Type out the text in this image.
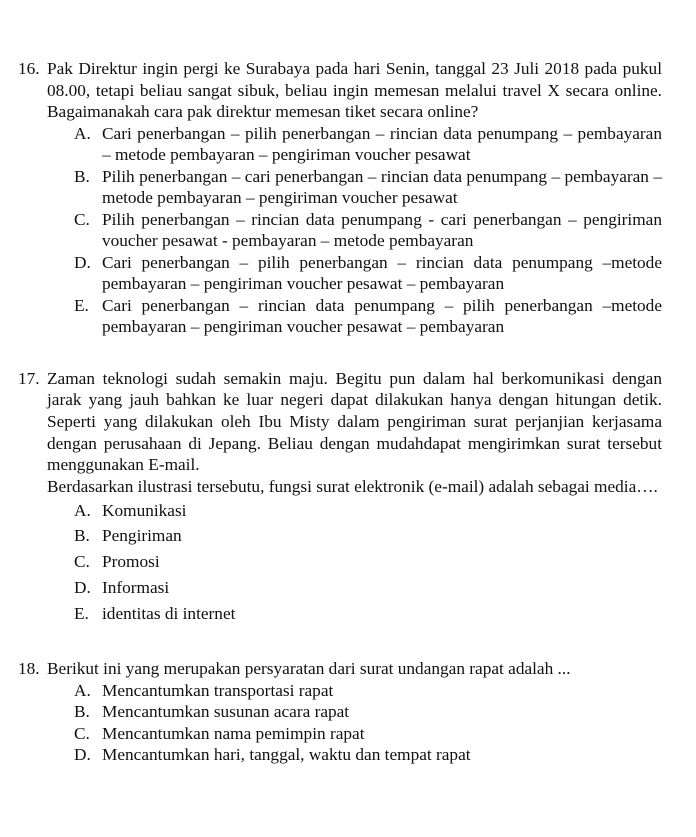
16. Pak Direktur ingin pergi ke Surabaya pada hari Senin, tanggal 23 Juli 2018 pada pukul 08.00, tetapi beliau sangat sibuk, beliau ingin memesan melalui travel X secara online. Bagaimanakah cara pak direktur memesan tiket secara online?
A. Cari penerbangan – pilih penerbangan – rincian data penumpang – pembayaran – metode pembayaran – pengiriman voucher pesawat
B. Pilih penerbangan – cari penerbangan – rincian data penumpang – pembayaran – metode pembayaran – pengiriman voucher pesawat
C. Pilih penerbangan – rincian data penumpang - cari penerbangan – pengiriman voucher pesawat - pembayaran – metode pembayaran
D. Cari penerbangan – pilih penerbangan – rincian data penumpang –metode pembayaran – pengiriman voucher pesawat – pembayaran
E. Cari penerbangan – rincian data penumpang – pilih penerbangan –metode pembayaran – pengiriman voucher pesawat – pembayaran
17. Zaman teknologi sudah semakin maju. Begitu pun dalam hal berkomunikasi dengan jarak yang jauh bahkan ke luar negeri dapat dilakukan hanya dengan hitungan detik. Seperti yang dilakukan oleh Ibu Misty dalam pengiriman surat perjanjian kerjasama dengan perusahaan di Jepang. Beliau dengan mudahdapat mengirimkan surat tersebut menggunakan E-mail.
Berdasarkan ilustrasi tersebutu, fungsi surat elektronik (e-mail) adalah sebagai media….
A. Komunikasi
B. Pengiriman
C. Promosi
D. Informasi
E. identitas di internet
18. Berikut ini yang merupakan persyaratan dari surat undangan rapat adalah ...
A. Mencantumkan transportasi rapat
B. Mencantumkan susunan acara rapat
C. Mencantumkan nama pemimpin rapat
D. Mencantumkan hari, tanggal, waktu dan tempat rapat
